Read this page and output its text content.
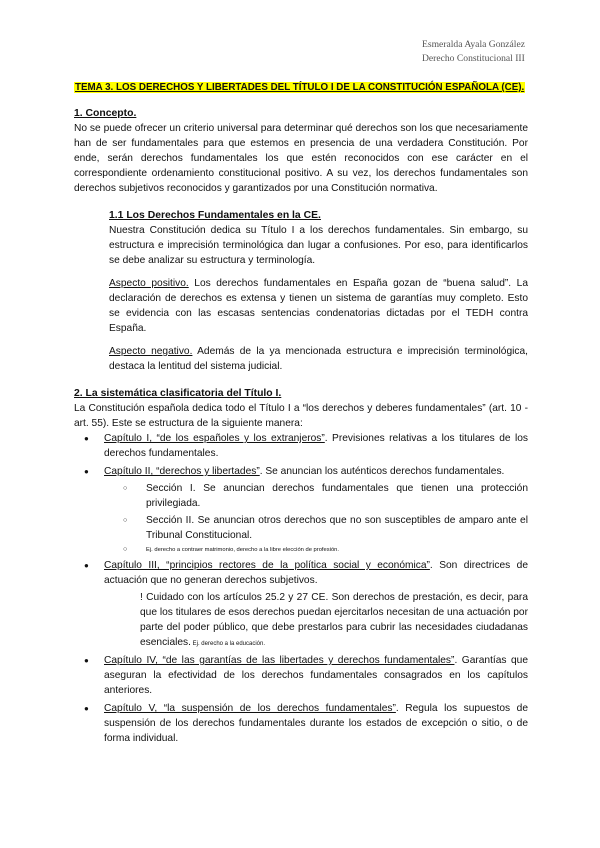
Esmeralda Ayala González
Derecho Constitucional III
TEMA 3. LOS DERECHOS Y LIBERTADES DEL TÍTULO I DE LA CONSTITUCIÓN ESPAÑOLA (CE).
1. Concepto.

No se puede ofrecer un criterio universal para determinar qué derechos son los que necesariamente han de ser fundamentales para que estemos en presencia de una verdadera Constitución. Por ende, serán derechos fundamentales los que estén reconocidos con ese carácter en el correspondiente ordenamiento constitucional positivo. A su vez, los derechos fundamentales son derechos subjetivos reconocidos y garantizados por una Constitución normativa.

1.1 Los Derechos Fundamentales en la CE.

Nuestra Constitución dedica su Título I a los derechos fundamentales. Sin embargo, su estructura e imprecisión terminológica dan lugar a confusiones. Por eso, para identificarlos se debe analizar su estructura y terminología.

Aspecto positivo. Los derechos fundamentales en España gozan de “buena salud”. La declaración de derechos es extensa y tienen un sistema de garantías muy completo. Esto se evidencia con las escasas sentencias condenatorias dictadas por el TEDH contra España.

Aspecto negativo. Además de la ya mencionada estructura e imprecisión terminológica, destaca la lentitud del sistema judicial.

2. La sistemática clasificatoria del Título I.

La Constitución española dedica todo el Título I a “los derechos y deberes fundamentales” (art. 10 - art. 55). Este se estructura de la siguiente manera:

● Capítulo I, “de los españoles y los extranjeros”. Previsiones relativas a los titulares de los derechos fundamentales.
● Capítulo II, “derechos y libertades”. Se anuncian los auténticos derechos fundamentales.
○ Sección I. Se anuncian derechos fundamentales que tienen una protección privilegiada.
○ Sección II. Se anuncian otros derechos que no son susceptibles de amparo ante el Tribunal Constitucional.
○ Ej. derecho a contraer matrimonio, derecho a la libre elección de profesión.
● Capítulo III, “principios rectores de la política social y económica”. Son directrices de actuación que no generan derechos subjetivos.
! Cuidado con los artículos 25.2 y 27 CE. Son derechos de prestación, es decir, para que los titulares de esos derechos puedan ejercitarlos necesitan de una actuación por parte del poder público, que debe prestarlos para cubrir las necesidades ciudadanas esenciales. Ej. derecho a la educación.
● Capítulo IV, “de las garantías de las libertades y derechos fundamentales”. Garantías que aseguran la efectividad de los derechos fundamentales consagrados en los capítulos anteriores.
● Capítulo V, “la suspensión de los derechos fundamentales”. Regula los supuestos de suspensión de los derechos fundamentales durante los estados de excepción o sitio, o de forma individual.
